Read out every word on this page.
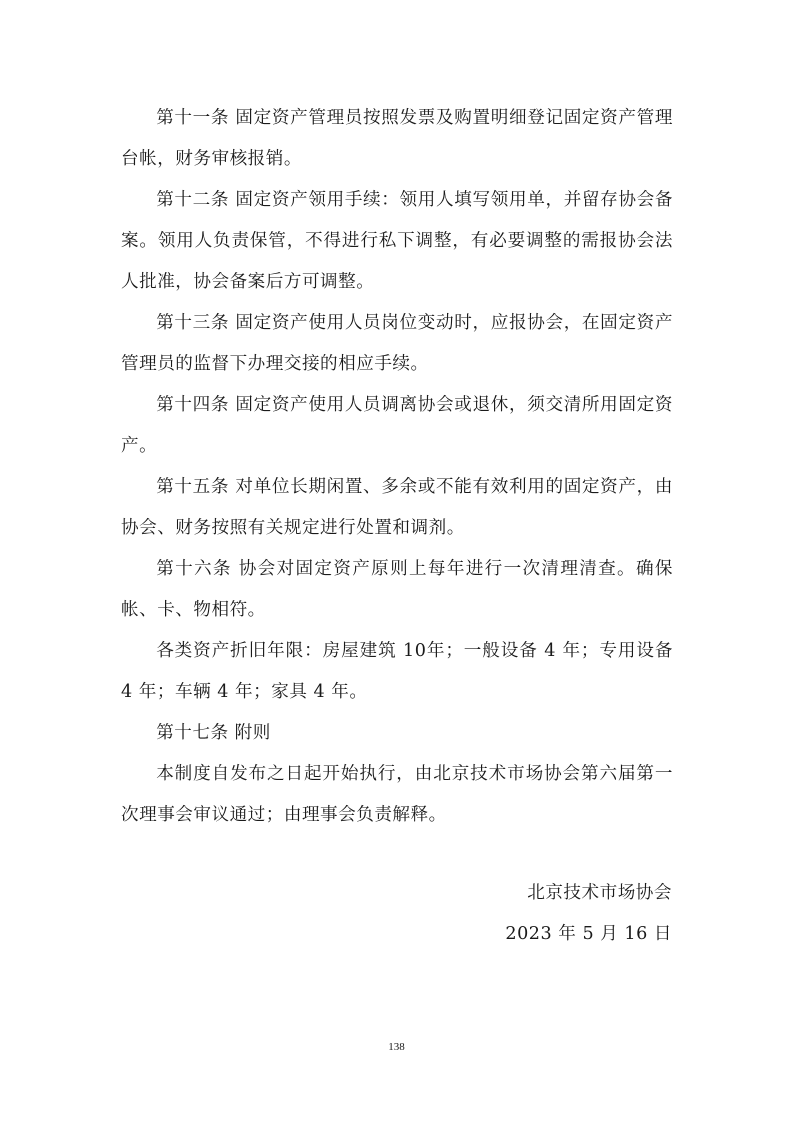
第十一条 固定资产管理员按照发票及购置明细登记固定资产管理台帐，财务审核报销。

第十二条 固定资产领用手续：领用人填写领用单，并留存协会备案。领用人负责保管，不得进行私下调整，有必要调整的需报协会法人批准，协会备案后方可调整。

第十三条 固定资产使用人员岗位变动时，应报协会，在固定资产管理员的监督下办理交接的相应手续。

第十四条 固定资产使用人员调离协会或退休，须交清所用固定资产。

第十五条 对单位长期闲置、多余或不能有效利用的固定资产，由协会、财务按照有关规定进行处置和调剂。

第十六条 协会对固定资产原则上每年进行一次清理清查。确保帐、卡、物相符。

各类资产折旧年限：房屋建筑 10年；一般设备 4 年；专用设备 4 年；车辆 4 年；家具 4 年。

第十七条 附则

本制度自发布之日起开始执行，由北京技术市场协会第六届第一次理事会审议通过；由理事会负责解释。

北京技术市场协会
2023 年 5 月 16 日
138
